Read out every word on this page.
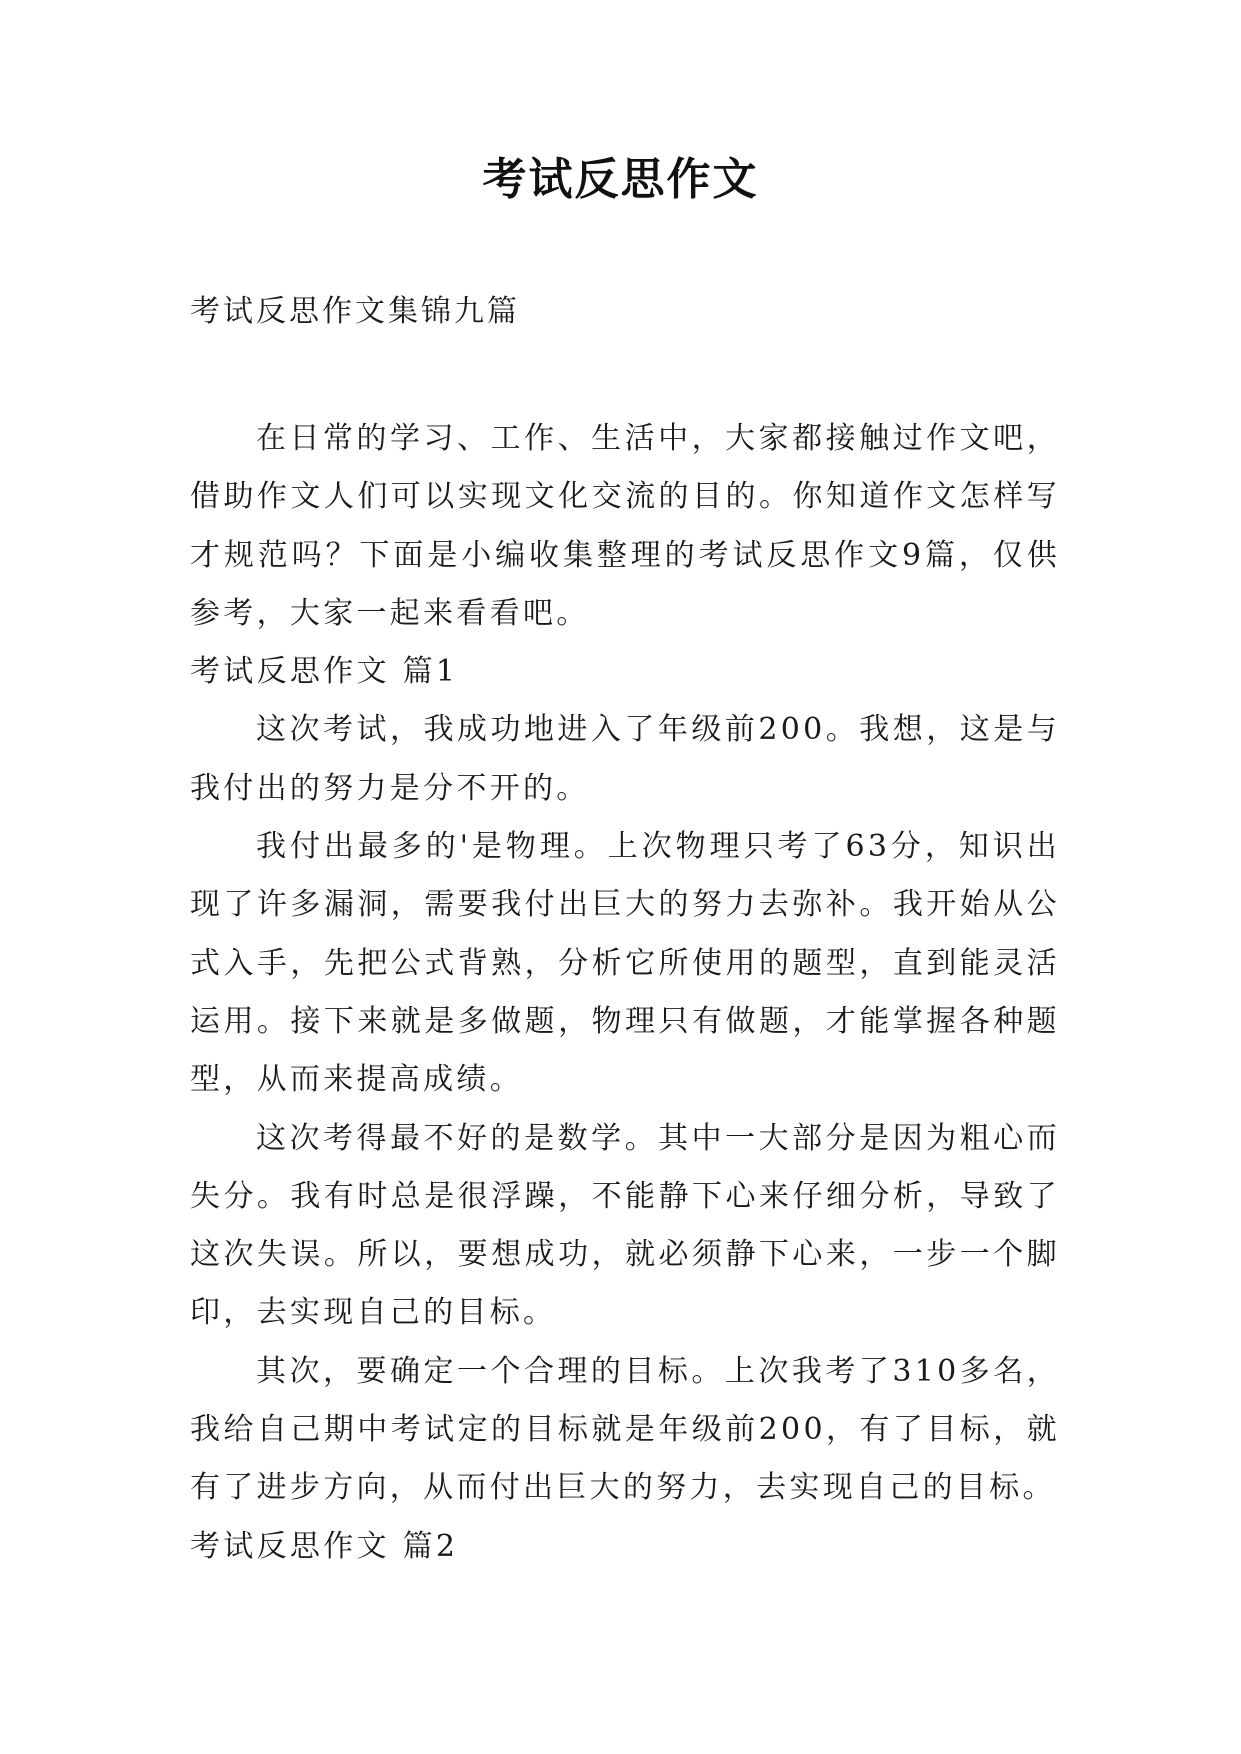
考试反思作文
考试反思作文集锦九篇

在日常的学习、工作、生活中，大家都接触过作文吧，借助作文人们可以实现文化交流的目的。你知道作文怎样写才规范吗？下面是小编收集整理的考试反思作文9篇，仅供参考，大家一起来看看吧。

考试反思作文 篇1

这次考试，我成功地进入了年级前200。我想，这是与我付出的努力是分不开的。

我付出最多的'是物理。上次物理只考了63分，知识出现了许多漏洞，需要我付出巨大的努力去弥补。我开始从公式入手，先把公式背熟，分析它所使用的题型，直到能灵活运用。接下来就是多做题，物理只有做题，才能掌握各种题型，从而来提高成绩。

这次考得最不好的是数学。其中一大部分是因为粗心而失分。我有时总是很浮躁，不能静下心来仔细分析，导致了这次失误。所以，要想成功，就必须静下心来，一步一个脚印，去实现自己的目标。

其次，要确定一个合理的目标。上次我考了310多名，我给自己期中考试定的目标就是年级前200，有了目标，就有了进步方向，从而付出巨大的努力，去实现自己的目标。

考试反思作文 篇2
